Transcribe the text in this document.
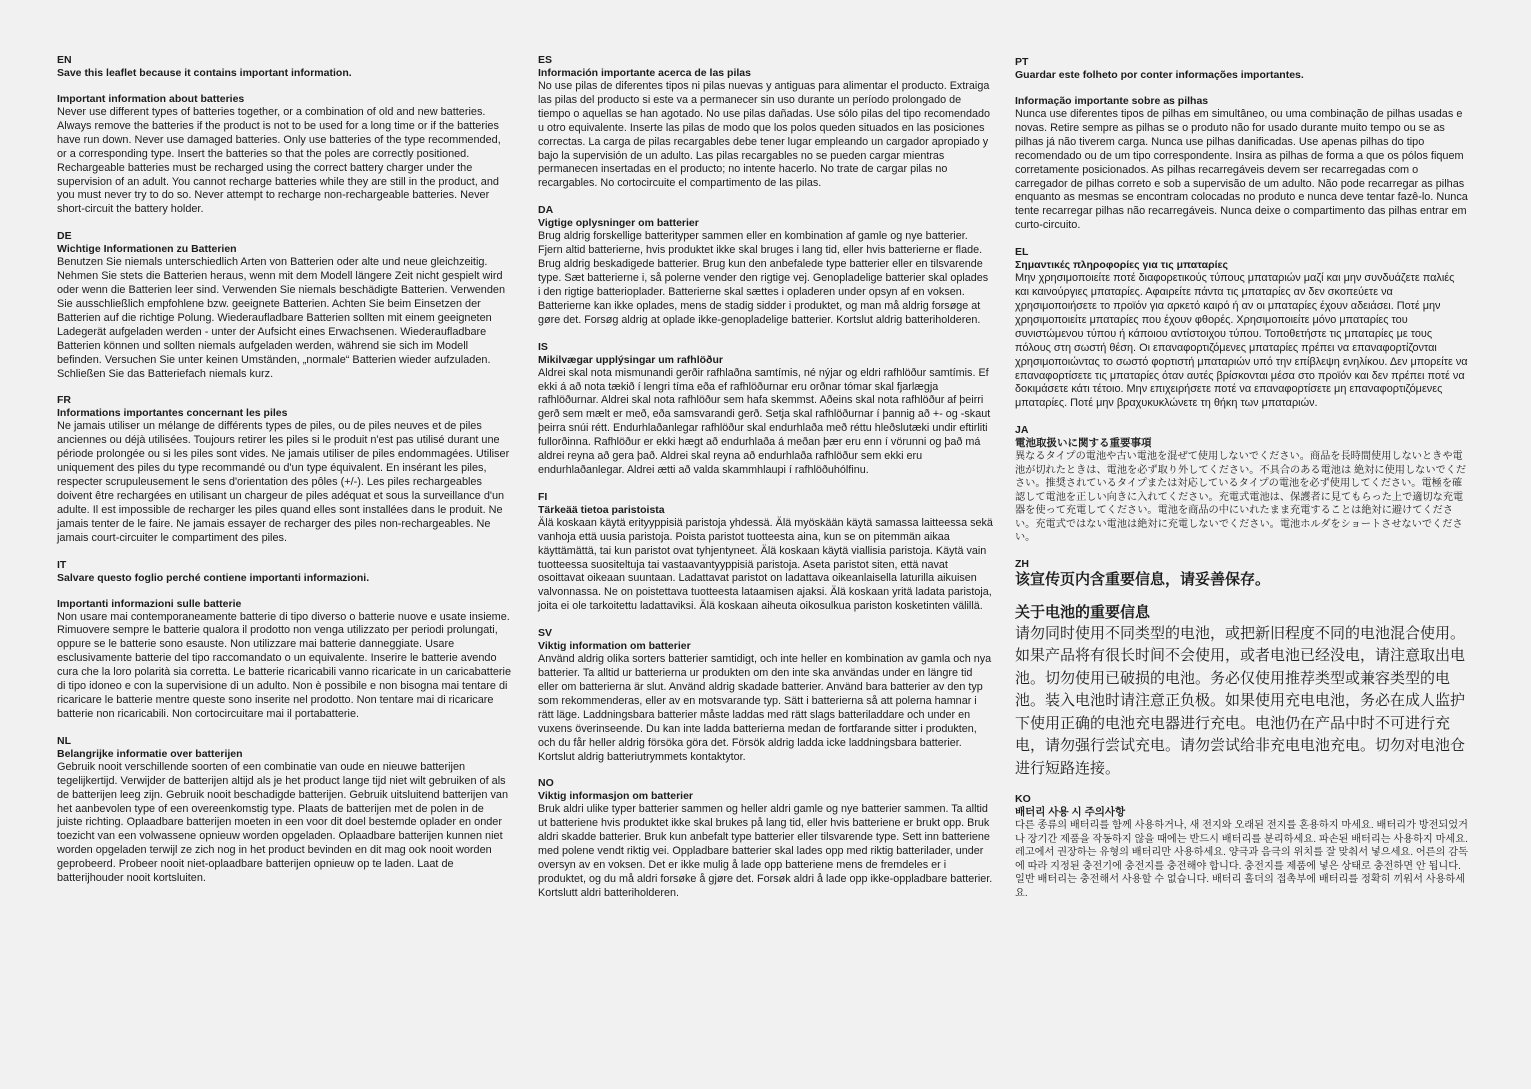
EN
Save this leaflet because it contains important information.
Important information about batteries
Never use different types of batteries together, or a combination of old and new batteries. Always remove the batteries if the product is not to be used for a long time or if the batteries have run down. Never use damaged batteries. Only use batteries of the type recommended, or a corresponding type. Insert the batteries so that the poles are correctly positioned. Rechargeable batteries must be recharged using the correct battery charger under the supervision of an adult. You cannot recharge batteries while they are still in the product, and you must never try to do so. Never attempt to recharge non-rechargeable batteries. Never short-circuit the battery holder.
DE
Wichtige Informationen zu Batterien
Benutzen Sie niemals unterschiedlich Arten von Batterien oder alte und neue gleichzeitig. Nehmen Sie stets die Batterien heraus, wenn mit dem Modell längere Zeit nicht gespielt wird oder wenn die Batterien leer sind. Verwenden Sie niemals beschädigte Batterien. Verwenden Sie ausschließlich empfohlene bzw. geeignete Batterien. Achten Sie beim Einsetzen der Batterien auf die richtige Polung. Wiederaufladbare Batterien sollten mit einem geeigneten Ladegerät aufgeladen werden - unter der Aufsicht eines Erwachsenen. Wiederaufladbare Batterien können und sollten niemals aufgeladen werden, während sie sich im Modell befinden. Versuchen Sie unter keinen Umständen, „normale“ Batterien wieder aufzuladen. Schließen Sie das Batteriefach niemals kurz.
FR
Informations importantes concernant les piles
Ne jamais utiliser un mélange de différents types de piles, ou de piles neuves et de piles anciennes ou déjà utilisées. Toujours retirer les piles si le produit n'est pas utilisé durant une période prolongée ou si les piles sont vides. Ne jamais utiliser de piles endommagées. Utiliser uniquement des piles du type recommandé ou d'un type équivalent. En insérant les piles, respecter scrupuleusement le sens d'orientation des pôles (+/-). Les piles rechargeables doivent être rechargées en utilisant un chargeur de piles adéquat et sous la surveillance d'un adulte. Il est impossible de recharger les piles quand elles sont installées dans le produit. Ne jamais tenter de le faire. Ne jamais essayer de recharger des piles non-rechargeables. Ne jamais court-circuiter le compartiment des piles.
IT
Salvare questo foglio perché contiene importanti informazioni.
Importanti informazioni sulle batterie
Non usare mai contemporaneamente batterie di tipo diverso o batterie nuove e usate insieme. Rimuovere sempre le batterie qualora il prodotto non venga utilizzato per periodi prolungati, oppure se le batterie sono esauste. Non utilizzare mai batterie danneggiate. Usare esclusivamente batterie del tipo raccomandato o un equivalente. Inserire le batterie avendo cura che la loro polarità sia corretta. Le batterie ricaricabili vanno ricaricate in un caricabatterie di tipo idoneo e con la supervisione di un adulto. Non è possibile e non bisogna mai tentare di ricaricare le batterie mentre queste sono inserite nel prodotto. Non tentare mai di ricaricare batterie non ricaricabili. Non cortocircuitare mai il portabatterie.
NL
Belangrijke informatie over batterijen
Gebruik nooit verschillende soorten of een combinatie van oude en nieuwe batterijen tegelijkertijd. Verwijder de batterijen altijd als je het product lange tijd niet wilt gebruiken of als de batterijen leeg zijn. Gebruik nooit beschadigde batterijen. Gebruik uitsluitend batterijen van het aanbevolen type of een overeenkomstig type. Plaats de batterijen met de polen in de juiste richting. Oplaadbare batterijen moeten in een voor dit doel bestemde oplader en onder toezicht van een volwassene opnieuw worden opgeladen. Oplaadbare batterijen kunnen niet worden opgeladen terwijl ze zich nog in het product bevinden en dit mag ook nooit worden geprobeerd. Probeer nooit niet-oplaadbare batterijen opnieuw op te laden. Laat de batterijhouder nooit kortsluiten.
ES
Información importante acerca de las pilas
No use pilas de diferentes tipos ni pilas nuevas y antiguas para alimentar el producto. Extraiga las pilas del producto si este va a permanecer sin uso durante un período prolongado de tiempo o aquellas se han agotado. No use pilas dañadas. Use sólo pilas del tipo recomendado u otro equivalente. Inserte las pilas de modo que los polos queden situados en las posiciones correctas. La carga de pilas recargables debe tener lugar empleando un cargador apropiado y bajo la supervisión de un adulto. Las pilas recargables no se pueden cargar mientras permanecen insertadas en el producto; no intente hacerlo. No trate de cargar pilas no recargables. No cortocircuite el compartimento de las pilas.
DA
Vigtige oplysninger om batterier
Brug aldrig forskellige batterityper sammen eller en kombination af gamle og nye batterier. Fjern altid batterierne, hvis produktet ikke skal bruges i lang tid, eller hvis batterierne er flade. Brug aldrig beskadigede batterier. Brug kun den anbefalede type batterier eller en tilsvarende type. Sæt batterierne i, så polerne vender den rigtige vej. Genopladelige batterier skal oplades i den rigtige batterioplader. Batterierne skal sættes i opladeren under opsyn af en voksen. Batterierne kan ikke oplades, mens de stadig sidder i produktet, og man må aldrig forsøge at gøre det. Forsøg aldrig at oplade ikke-genopladelige batterier. Kortslut aldrig batteriholderen.
IS
Mikilvægar upplýsingar um rafhlöður
Aldrei skal nota mismunandi gerðir rafhlaðna samtímis, né nýjar og eldri rafhlöður samtímis. Ef ekki á að nota tækið í lengri tíma eða ef rafhlöðurnar eru orðnar tómar skal fjarlægja rafhlöðurnar. Aldrei skal nota rafhlöður sem hafa skemmst. Aðeins skal nota rafhlöður af þeirri gerð sem mælt er með, eða samsvarandi gerð. Setja skal rafhlöðurnar í þannig að +- og -skaut þeirra snúi rétt. Endurhlaðanlegar rafhlöður skal endurhlaða með réttu hleðslutæki undir eftirliti fullorðinna. Rafhlöður er ekki hægt að endurhlaða á meðan þær eru enn í vörunni og það má aldrei reyna að gera það. Aldrei skal reyna að endurhlaða rafhlöður sem ekki eru endurhlaðanlegar. Aldrei ætti að valda skammhlaupi í rafhlöðuhólfinu.
FI
Tärkeää tietoa paristoista
Älä koskaan käytä erityyppisiä paristoja yhdessä. Älä myöskään käytä samassa laitteessa sekä vanhoja että uusia paristoja. Poista paristot tuotteesta aina, kun se on pitemmän aikaa käyttämättä, tai kun paristot ovat tyhjentyneet. Älä koskaan käytä viallisia paristoja. Käytä vain tuotteessa suositeltuja tai vastaavantyyppisiä paristoja. Aseta paristot siten, että navat osoittavat oikeaan suuntaan. Ladattavat paristot on ladattava oikeanlaisella laturilla aikuisen valvonnassa. Ne on poistettava tuotteesta lataamisen ajaksi. Älä koskaan yritä ladata paristoja, joita ei ole tarkoitettu ladattaviksi. Älä koskaan aiheuta oikosulkua pariston kosketinten välillä.
SV
Viktig information om batterier
Använd aldrig olika sorters batterier samtidigt, och inte heller en kombination av gamla och nya batterier. Ta alltid ur batterierna ur produkten om den inte ska användas under en längre tid eller om batterierna är slut. Använd aldrig skadade batterier. Använd bara batterier av den typ som rekommenderas, eller av en motsvarande typ. Sätt i batterierna så att polerna hamnar i rätt läge. Laddningsbara batterier måste laddas med rätt slags batteriladdare och under en vuxens överinseende. Du kan inte ladda batterierna medan de fortfarande sitter i produkten, och du får heller aldrig försöka göra det. Försök aldrig ladda icke laddningsbara batterier. Kortslut aldrig batteriutrymmets kontaktytor.
NO
Viktig informasjon om batterier
Bruk aldri ulike typer batterier sammen og heller aldri gamle og nye batterier sammen. Ta alltid ut batteriene hvis produktet ikke skal brukes på lang tid, eller hvis batteriene er brukt opp. Bruk aldri skadde batterier. Bruk kun anbefalt type batterier eller tilsvarende type. Sett inn batteriene med polene vendt riktig vei. Oppladbare batterier skal lades opp med riktig batterilader, under oversyn av en voksen. Det er ikke mulig å lade opp batteriene mens de fremdeles er i produktet, og du må aldri forsøke å gjøre det. Forsøk aldri å lade opp ikke-oppladbare batterier. Kortslutt aldri batteriholderen.
PT
Guardar este folheto por conter informações importantes.
Informação importante sobre as pilhas
Nunca use diferentes tipos de pilhas em simultâneo, ou uma combinação de pilhas usadas e novas. Retire sempre as pilhas se o produto não for usado durante muito tempo ou se as pilhas já não tiverem carga. Nunca use pilhas danificadas. Use apenas pilhas do tipo recomendado ou de um tipo correspondente. Insira as pilhas de forma a que os pólos fiquem corretamente posicionados. As pilhas recarregáveis devem ser recarregadas com o carregador de pilhas correto e sob a supervisão de um adulto. Não pode recarregar as pilhas enquanto as mesmas se encontram colocadas no produto e nunca deve tentar fazê-lo. Nunca tente recarregar pilhas não recarregáveis. Nunca deixe o compartimento das pilhas entrar em curto-circuito.
EL
Σημαντικές πληροφορίες για τις μπαταρίες
Μην χρησιμοποιείτε ποτέ διαφορετικούς τύπους μπαταριών μαζί και μην συνδυάζετε παλιές και καινούργιες μπαταρίες. Αφαιρείτε πάντα τις μπαταρίες αν δεν σκοπεύετε να χρησιμοποιήσετε το προϊόν για αρκετό καιρό ή αν οι μπαταρίες έχουν αδειάσει. Ποτέ μην χρησιμοποιείτε μπαταρίες που έχουν φθορές. Χρησιμοποιείτε μόνο μπαταρίες του συνιστώμενου τύπου ή κάποιου αντίστοιχου τύπου. Τοποθετήστε τις μπαταρίες με τους πόλους στη σωστή θέση. Οι επαναφορτιζόμενες μπαταρίες πρέπει να επαναφορτίζονται χρησιμοποιώντας το σωστό φορτιστή μπαταριών υπό την επίβλεψη ενηλίκου. Δεν μπορείτε να επαναφορτίσετε τις μπαταρίες όταν αυτές βρίσκονται μέσα στο προϊόν και δεν πρέπει ποτέ να δοκιμάσετε κάτι τέτοιο. Μην επιχειρήσετε ποτέ να επαναφορτίσετε μη επαναφορτιζόμενες μπαταρίες. Ποτέ μην βραχυκυκλώνετε τη θήκη των μπαταριών.
JA
電池取扱いに関する重要事項
異なるタイプの電池や古い電池を混ぜて使用しないでください。商品を長時間使用しないときや電池が切れたときは、電池を必ず取り外してください。不具合のある電池は 絶対に使用しないでください。推奨されているタイプまたは対応しているタイプの電池を必ず使用してください。電極を確認して電池を正しい向きに入れてください。充電式電池は、保護者に見てもらった上で適切な充電器を使って充電してください。電池を商品の中にいれたまま充電することは絶対に避けてください。充電式ではない電池は絶対に充電しないでください。電池ホルダをショートさせないでください。
ZH
该宣传页内含重要信息，请妥善保存。
关于电池的重要信息
请勿同时使用不同类型的电池，或把新旧程度不同的电池混合使用。如果产品将有很长时间不会使用，或者电池已经没电，请注意取出电池。切勿使用已破损的电池。务必仅使用推荐类型或兼容类型的电池。装入电池时请注意正负极。如果使用充电电池，务必在成人监护下使用正确的电池充电器进行充电。电池仍在产品中时不可进行充电，请勿强行尝试充电。请勿尝试给非充电电池充电。切勿对电池仓进行短路连接。
KO
배터리 사용 시 주의사항
다른 종류의 배터리를 함께 사용하거나, 새 전지와 오래된 전지를 혼용하지 마세요. 배터리가 방전되었거나 장기간 제품을 작동하지 않을 때에는 반드시 배터리를 분리하세요. 파손된 배터리는 사용하지 마세요. 레고에서 권장하는 유형의 배터리만 사용하세요. 양극과 음극의 위치를 잘 맞춰서 넣으세요. 어른의 감독에 따라 지정된 충전기에 충전지를 충전해야 합니다. 충전지를 제품에 넣은 상태로 충전하면 안 됩니다. 일반 배터리는 충전해서 사용할 수 없습니다. 배터리 홀더의 접촉부에 배터리를 정확히 끼워서 사용하세요.
